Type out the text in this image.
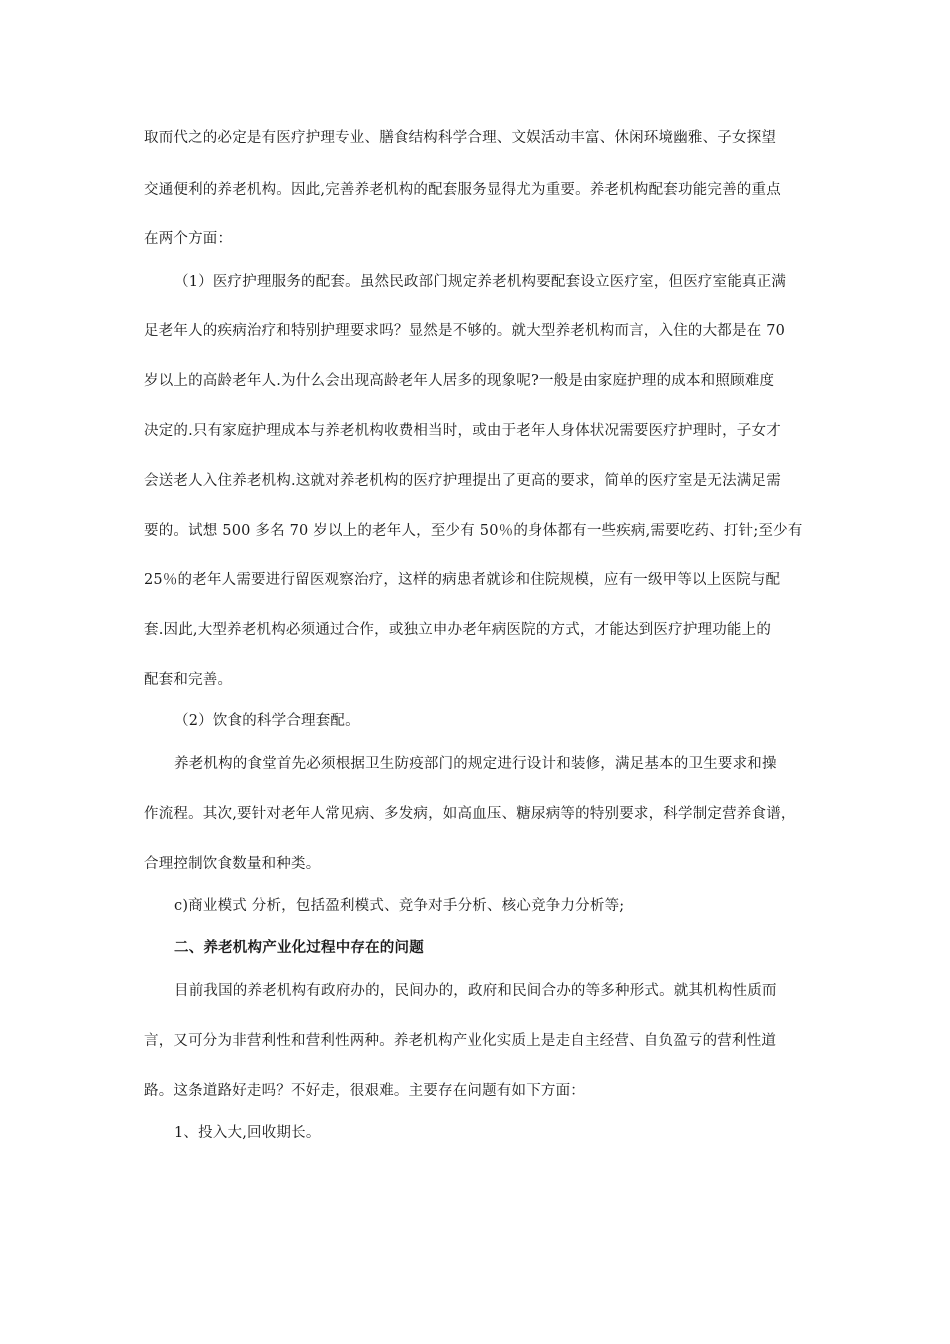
取而代之的必定是有医疗护理专业、膳食结构科学合理、文娱活动丰富、休闲环境幽雅、子女探望
交通便利的养老机构。因此,完善养老机构的配套服务显得尤为重要。养老机构配套功能完善的重点
在两个方面：
（1）医疗护理服务的配套。虽然民政部门规定养老机构要配套设立医疗室，但医疗室能真正满
足老年人的疾病治疗和特别护理要求吗？显然是不够的。就大型养老机构而言，入住的大都是在 70
岁以上的高龄老年人.为什么会出现高龄老年人居多的现象呢?一般是由家庭护理的成本和照顾难度
决定的.只有家庭护理成本与养老机构收费相当时，或由于老年人身体状况需要医疗护理时，子女才
会送老人入住养老机构.这就对养老机构的医疗护理提出了更高的要求，简单的医疗室是无法满足需
要的。试想 500 多名 70 岁以上的老年人，至少有 50％的身体都有一些疾病,需要吃药、打针;至少有
25％的老年人需要进行留医观察治疗，这样的病患者就诊和住院规模，应有一级甲等以上医院与配
套.因此,大型养老机构必须通过合作，或独立申办老年病医院的方式，才能达到医疗护理功能上的
配套和完善。
（2）饮食的科学合理套配。
养老机构的食堂首先必须根据卫生防疫部门的规定进行设计和装修，满足基本的卫生要求和操
作流程。其次,要针对老年人常见病、多发病，如高血压、糖尿病等的特别要求，科学制定营养食谱，
合理控制饮食数量和种类。
c)商业模式 分析，包括盈利模式、竞争对手分析、核心竞争力分析等;
二、养老机构产业化过程中存在的问题
目前我国的养老机构有政府办的，民间办的，政府和民间合办的等多种形式。就其机构性质而
言，又可分为非营利性和营利性两种。养老机构产业化实质上是走自主经营、自负盈亏的营利性道
路。这条道路好走吗？不好走，很艰难。主要存在问题有如下方面：
1、投入大,回收期长。
